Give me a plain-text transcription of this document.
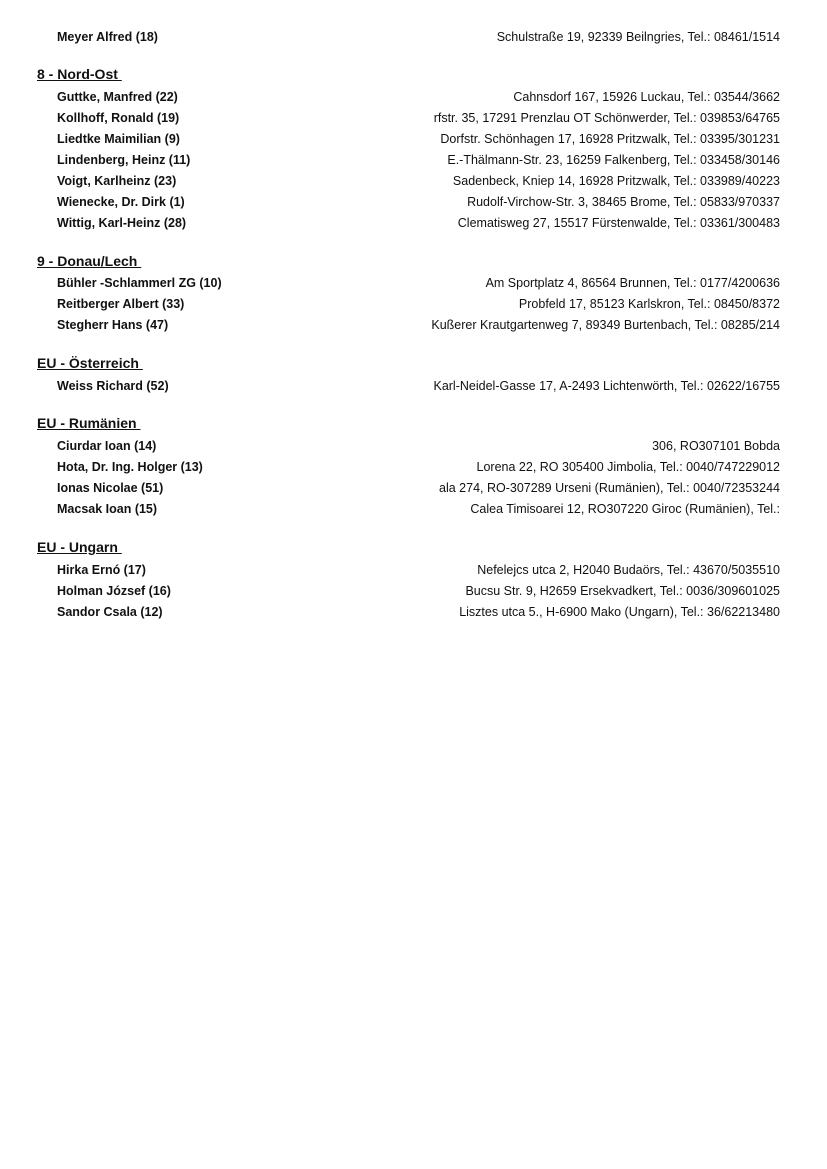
Meyer Alfred (18)	Schulstraße 19, 92339 Beilngries, Tel.: 08461/1514
8 - Nord-Ost
Guttke, Manfred (22)	Cahnsdorf 167, 15926 Luckau, Tel.: 03544/3662
Kollhoff, Ronald (19)	rfstr. 35, 17291 Prenzlau OT Schönwerder, Tel.: 039853/64765
Liedtke Maimilian (9)	Dorfstr. Schönhagen 17, 16928 Pritzwalk, Tel.: 03395/301231
Lindenberg, Heinz (11)	E.-Thälmann-Str. 23, 16259 Falkenberg, Tel.: 033458/30146
Voigt, Karlheinz (23)	Sadenbeck, Kniep 14, 16928 Pritzwalk, Tel.: 033989/40223
Wienecke, Dr. Dirk (1)	Rudolf-Virchow-Str. 3, 38465 Brome, Tel.: 05833/970337
Wittig, Karl-Heinz (28)	Clematisweg 27, 15517 Fürstenwalde, Tel.: 03361/300483
9 - Donau/Lech
Bühler -Schlammerl ZG (10)	Am Sportplatz 4, 86564 Brunnen, Tel.: 0177/4200636
Reitberger Albert (33)	Probfeld 17, 85123 Karlskron, Tel.: 08450/8372
Stegherr Hans (47)	Kußerer Krautgartenweg 7, 89349 Burtenbach, Tel.: 08285/214
EU - Österreich
Weiss Richard (52)	Karl-Neidel-Gasse 17, A-2493 Lichtenwörth, Tel.: 02622/16755
EU - Rumänien
Ciurdar Ioan (14)	306, RO307101 Bobda
Hota, Dr. Ing. Holger (13)	Lorena 22, RO 305400 Jimbolia, Tel.: 0040/747229012
Ionas Nicolae (51)	ala 274, RO-307289 Urseni (Rumänien), Tel.: 0040/72353244
Macsak Ioan (15)	Calea Timisoarei 12, RO307220 Giroc (Rumänien), Tel.:
EU - Ungarn
Hirka Ernó (17)	Nefelejcs utca 2, H2040 Budaörs, Tel.: 43670/5035510
Holman József (16)	Bucsu Str. 9, H2659 Ersekvadkert, Tel.: 0036/309601025
Sandor Csala (12)	Lisztes utca 5., H-6900 Mako (Ungarn), Tel.: 36/62213480
